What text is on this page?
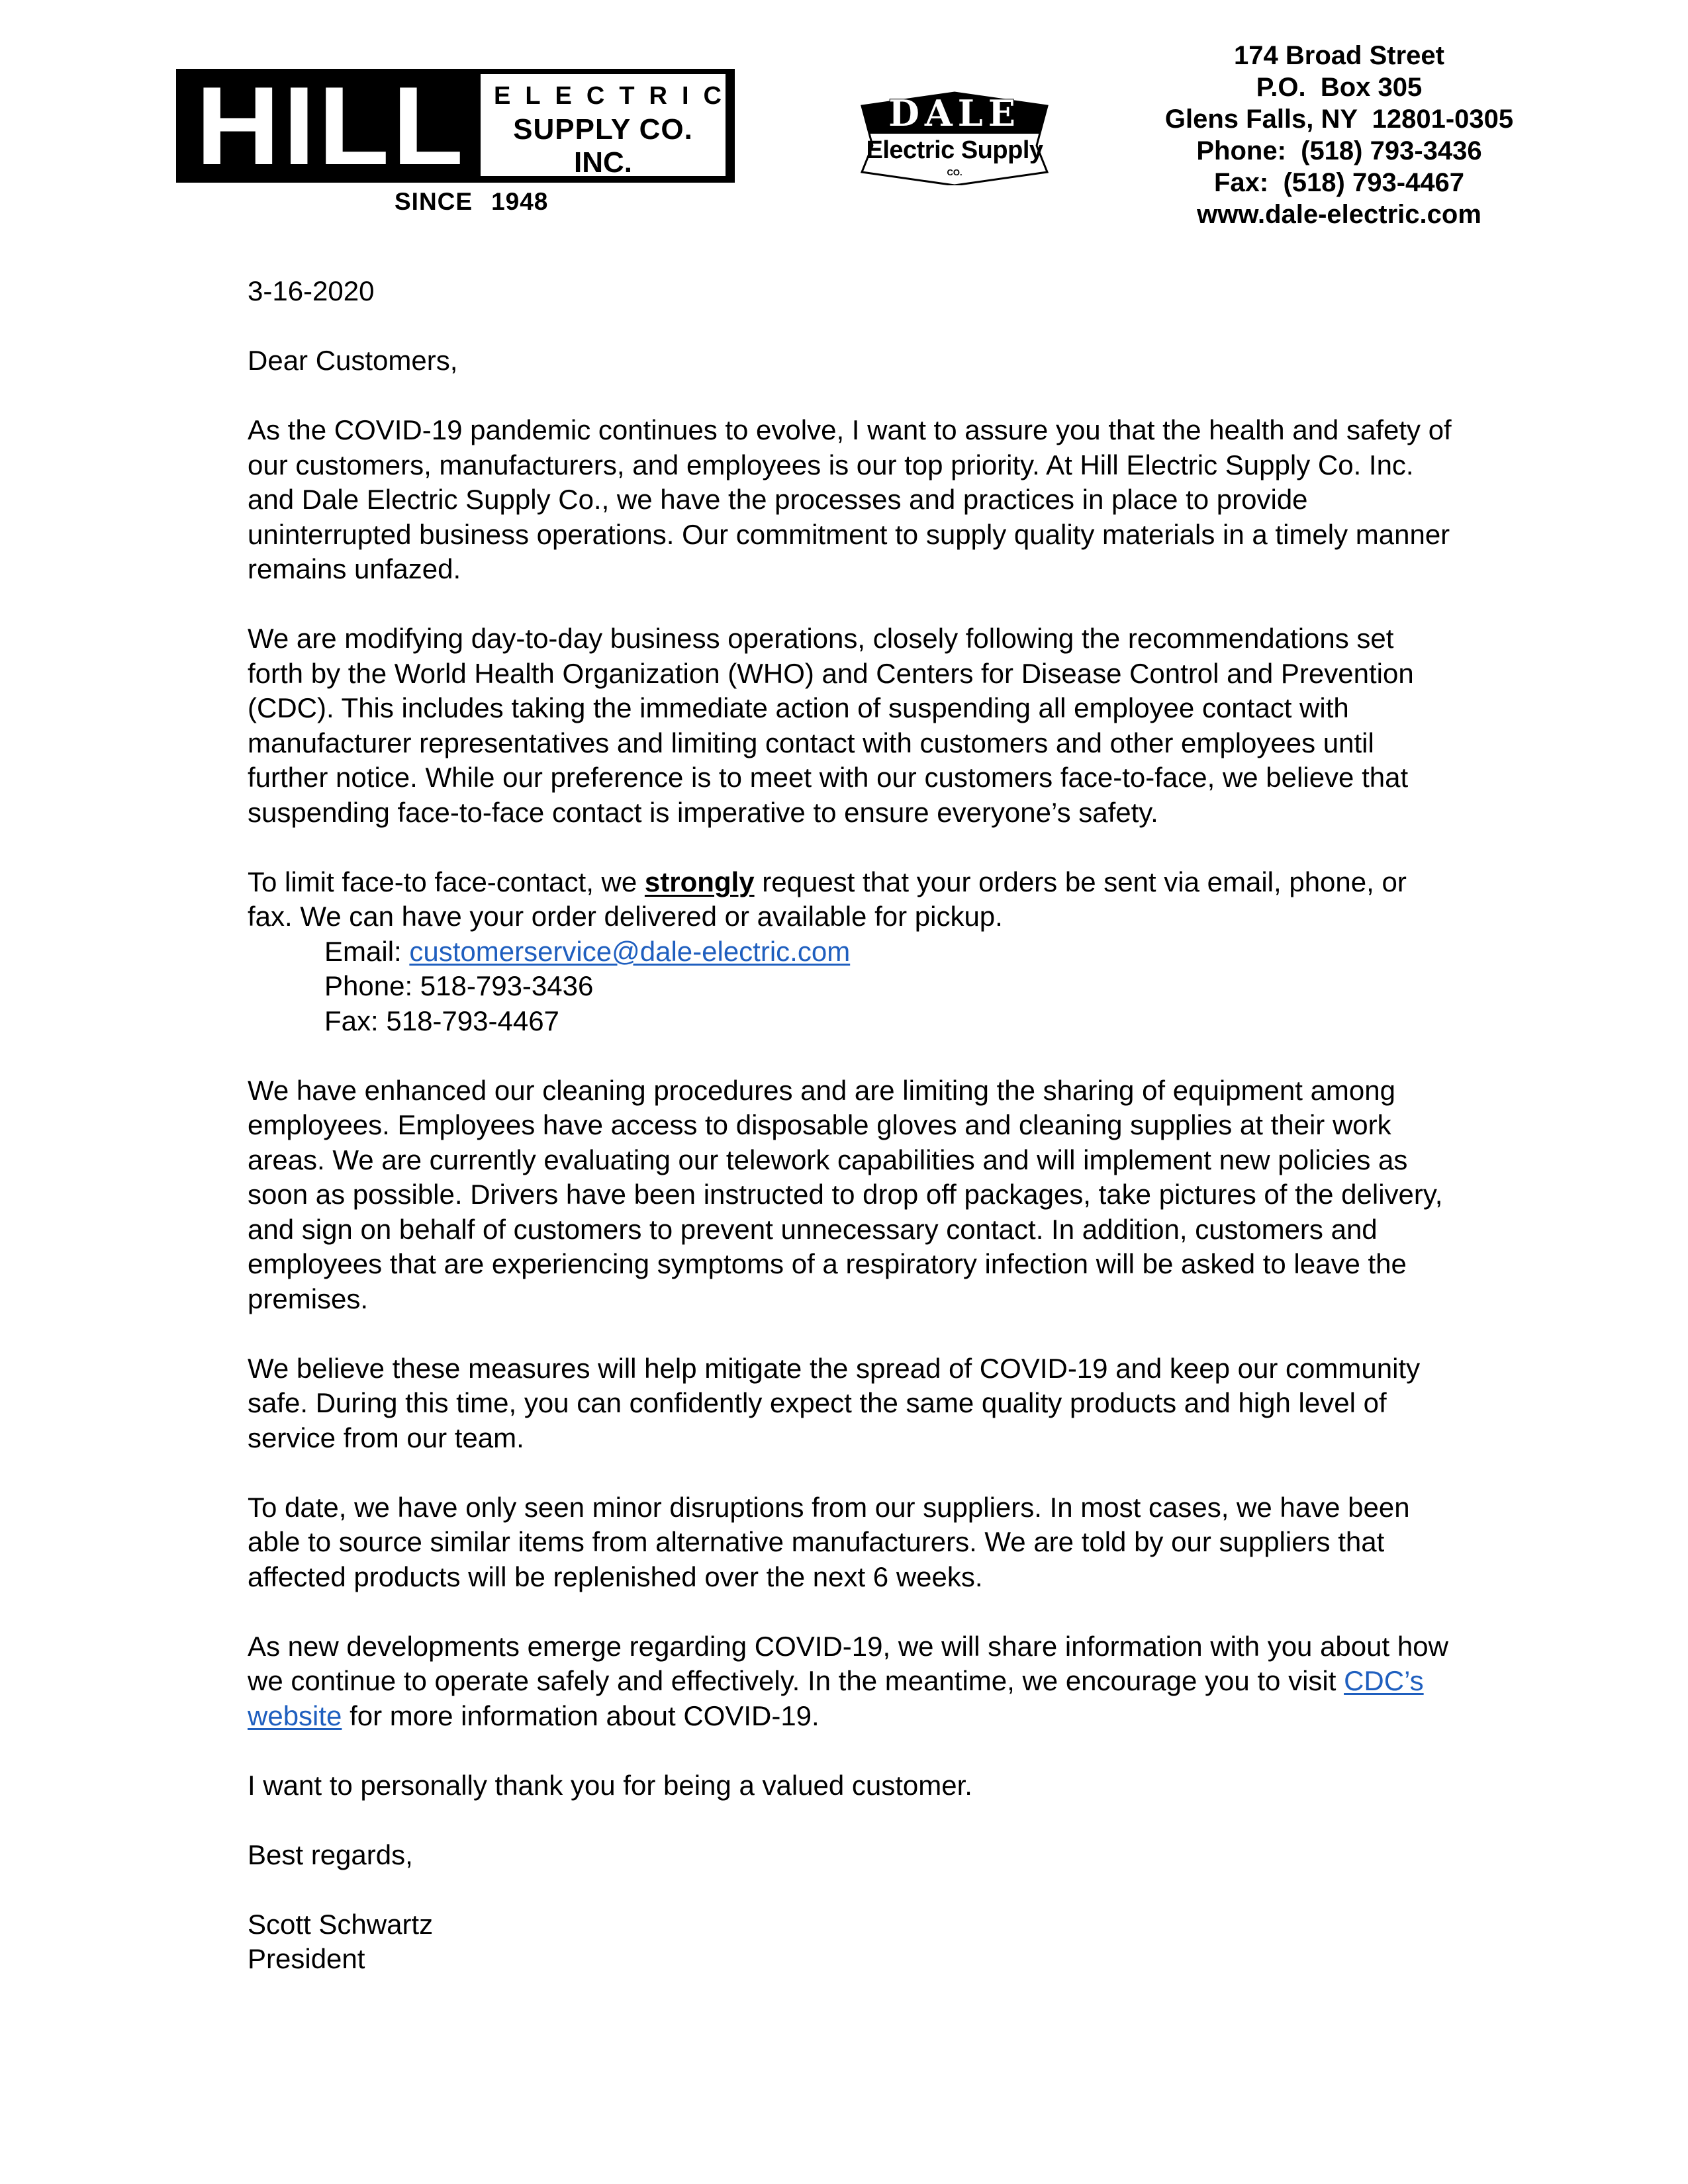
HILL	ELECTRIC
SUPPLY CO.
INC.
SINCE 1948
DALE
Electric Supply
CO.
174 Broad Street
P.O.  Box 305
Glens Falls, NY  12801-0305
Phone:  (518) 793-3436
Fax:  (518) 793-4467
www.dale-electric.com

3-16-2020

Dear Customers,

As the COVID-19 pandemic continues to evolve, I want to assure you that the health and safety of our customers, manufacturers, and employees is our top priority. At Hill Electric Supply Co. Inc. and Dale Electric Supply Co., we have the processes and practices in place to provide uninterrupted business operations. Our commitment to supply quality materials in a timely manner remains unfazed.

We are modifying day-to-day business operations, closely following the recommendations set forth by the World Health Organization (WHO) and Centers for Disease Control and Prevention (CDC). This includes taking the immediate action of suspending all employee contact with manufacturer representatives and limiting contact with customers and other employees until further notice. While our preference is to meet with our customers face-to-face, we believe that suspending face-to-face contact is imperative to ensure everyone’s safety.

To limit face-to face-contact, we strongly request that your orders be sent via email, phone, or fax. We can have your order delivered or available for pickup.

Email: customerservice@dale-electric.com
Phone: 518-793-3436
Fax: 518-793-4467

We have enhanced our cleaning procedures and are limiting the sharing of equipment among employees. Employees have access to disposable gloves and cleaning supplies at their work areas. We are currently evaluating our telework capabilities and will implement new policies as soon as possible. Drivers have been instructed to drop off packages, take pictures of the delivery, and sign on behalf of customers to prevent unnecessary contact. In addition, customers and employees that are experiencing symptoms of a respiratory infection will be asked to leave the premises.

We believe these measures will help mitigate the spread of COVID-19 and keep our community safe. During this time, you can confidently expect the same quality products and high level of service from our team.

To date, we have only seen minor disruptions from our suppliers. In most cases, we have been able to source similar items from alternative manufacturers. We are told by our suppliers that affected products will be replenished over the next 6 weeks.

As new developments emerge regarding COVID-19, we will share information with you about how we continue to operate safely and effectively. In the meantime, we encourage you to visit CDC’s website for more information about COVID-19.

I want to personally thank you for being a valued customer.

Best regards,

Scott Schwartz
President
